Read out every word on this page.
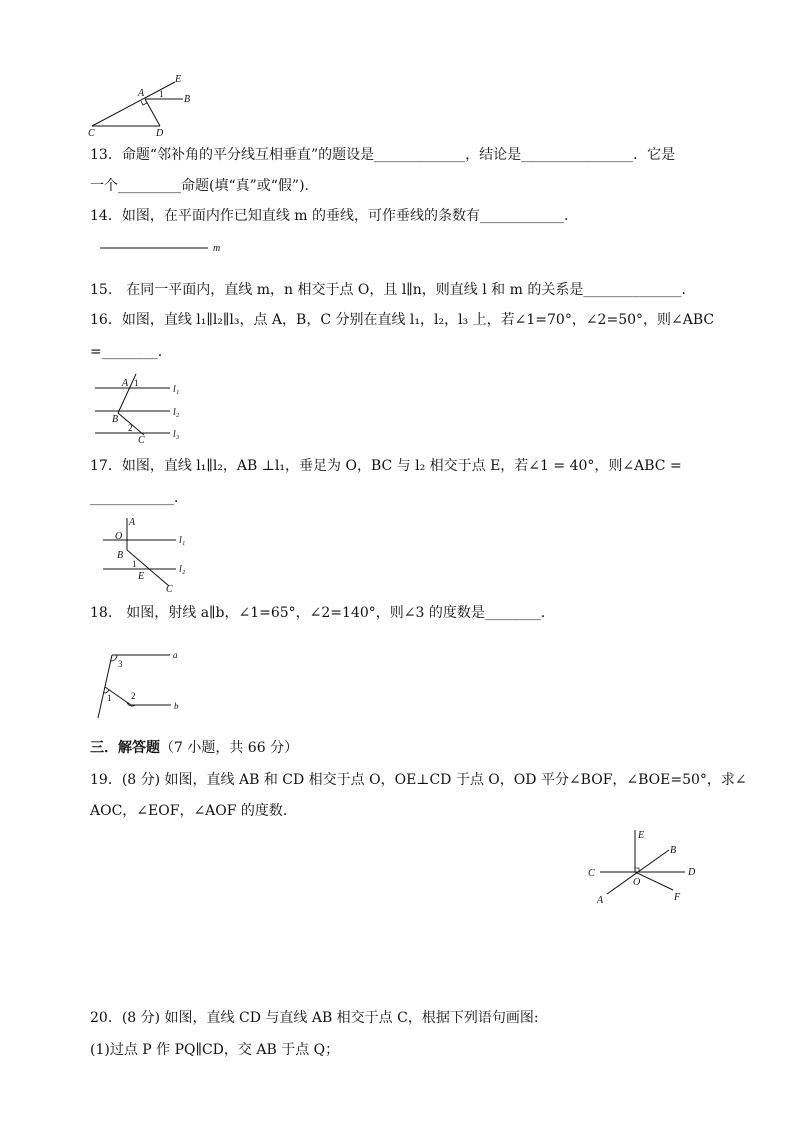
E
A 1 B
C	D
13．命题“邻补角的平分线互相垂直”的题设是_____________，结论是________________．它是
一个_________命题(填“真”或“假”).
14．如图，在平面内作已知直线 m 的垂线，可作垂线的条数有____________.
m
15.　在同一平面内，直线 m，n 相交于点 O，且 l∥n，则直线 l 和 m 的关系是______________.
16．如图，直线 l₁∥l₂∥l₃，点 A，B，C 分别在直线 l₁，l₂，l₃ 上，若∠1=70°，∠2=50°，则∠ABC
=________.
A 1
B
2
C
l₁
l₂
l₃
17．如图，直线 l₁∥l₂，AB ⊥l₁，垂足为 O，BC 与 l₂ 相交于点 E，若∠1 = 40°，则∠ABC =
____________．
A
O	l₁
B
1
E
l₂
C
18.　如图，射线 a∥b，∠1=65°，∠2=140°，则∠3 的度数是________．
3
a
1 2
b
三．解答题（7 小题，共 66 分）
19．(8 分) 如图，直线 AB 和 CD 相交于点 O，OE⊥CD 于点 O，OD 平分∠BOF，∠BOE=50°，求∠
AOC，∠EOF，∠AOF 的度数．
E
B
C	D
O
A	F
20．(8 分) 如图，直线 CD 与直线 AB 相交于点 C，根据下列语句画图:
(1)过点 P 作 PQ∥CD，交 AB 于点 Q；
